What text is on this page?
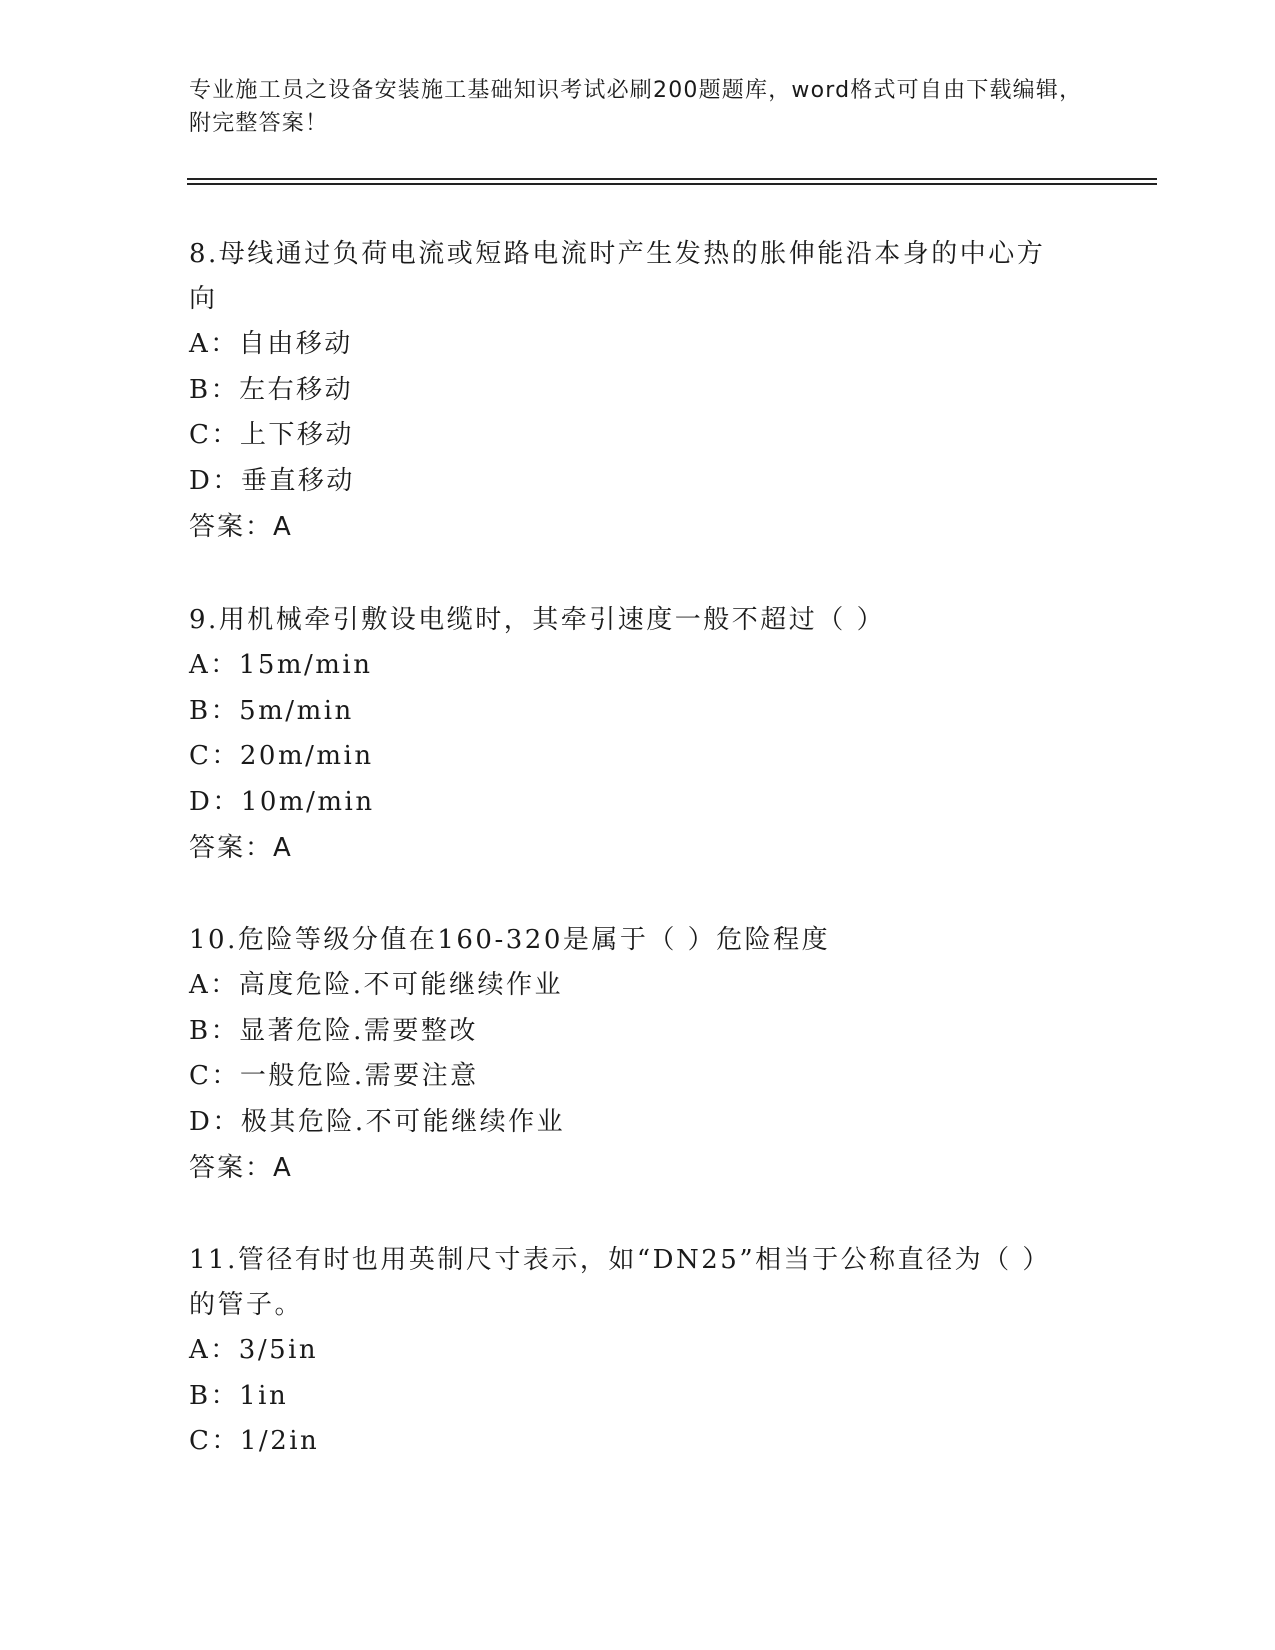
专业施工员之设备安装施工基础知识考试必刷200题题库，word格式可自由下载编辑，附完整答案！

8.母线通过负荷电流或短路电流时产生发热的胀伸能沿本身的中心方向

A：自由移动

B：左右移动

C：上下移动

D：垂直移动

答案：A

9.用机械牵引敷设电缆时，其牵引速度一般不超过（ ）

A：15m/min

B：5m/min

C：20m/min

D：10m/min

答案：A

10.危险等级分值在160-320是属于（ ）危险程度

A：高度危险.不可能继续作业

B：显著危险.需要整改

C：一般危险.需要注意

D：极其危险.不可能继续作业

答案：A

11.管径有时也用英制尺寸表示，如“DN25”相当于公称直径为（ ）的管子。

A：3/5in

B：1in

C：1/2in
